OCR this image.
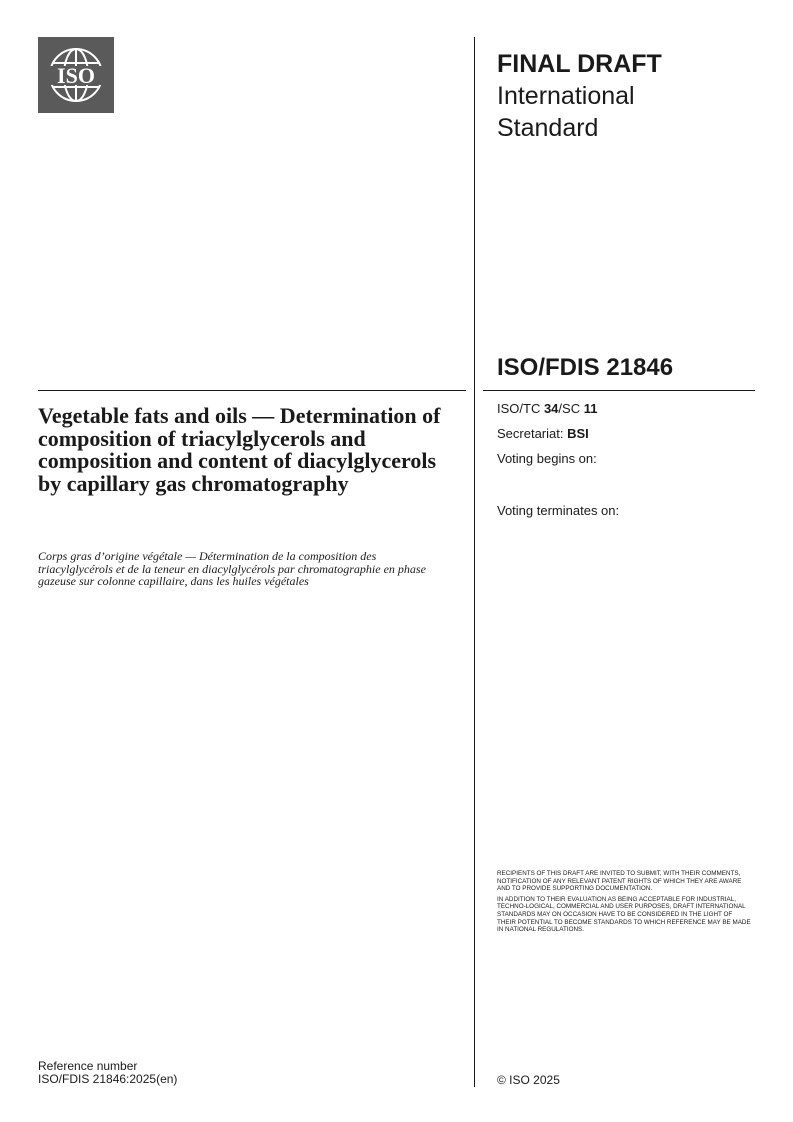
ISO	FINAL DRAFT
International
Standard
ISO/FDIS 21846
ISO/TC 34/SC 11
Secretariat: BSI
Voting begins on:
Voting terminates on:
Vegetable fats and oils — Determination of composition of triacylglycerols and composition and content of diacylglycerols by capillary gas chromatography
Corps gras d’origine végétale — Détermination de la composition des triacylglycérols et de la teneur en diacylglycérols par chromatographie en phase gazeuse sur colonne capillaire, dans les huiles végétales

RECIPIENTS OF THIS DRAFT ARE INVITED TO SUBMIT, WITH THEIR COMMENTS, NOTIFICATION OF ANY RELEVANT PATENT RIGHTS OF WHICH THEY ARE AWARE AND TO PROVIDE SUPPORTING DOCUMENTATION.

IN ADDITION TO THEIR EVALUATION AS BEING ACCEPTABLE FOR INDUSTRIAL, TECHNO-LOGICAL, COMMERCIAL AND USER PURPOSES, DRAFT INTERNATIONAL STANDARDS MAY ON OCCASION HAVE TO BE CONSIDERED IN THE LIGHT OF THEIR POTENTIAL TO BECOME STANDARDS TO WHICH REFERENCE MAY BE MADE IN NATIONAL REGULATIONS.

Reference number
ISO/FDIS 21846:2025(en)	© ISO 2025
